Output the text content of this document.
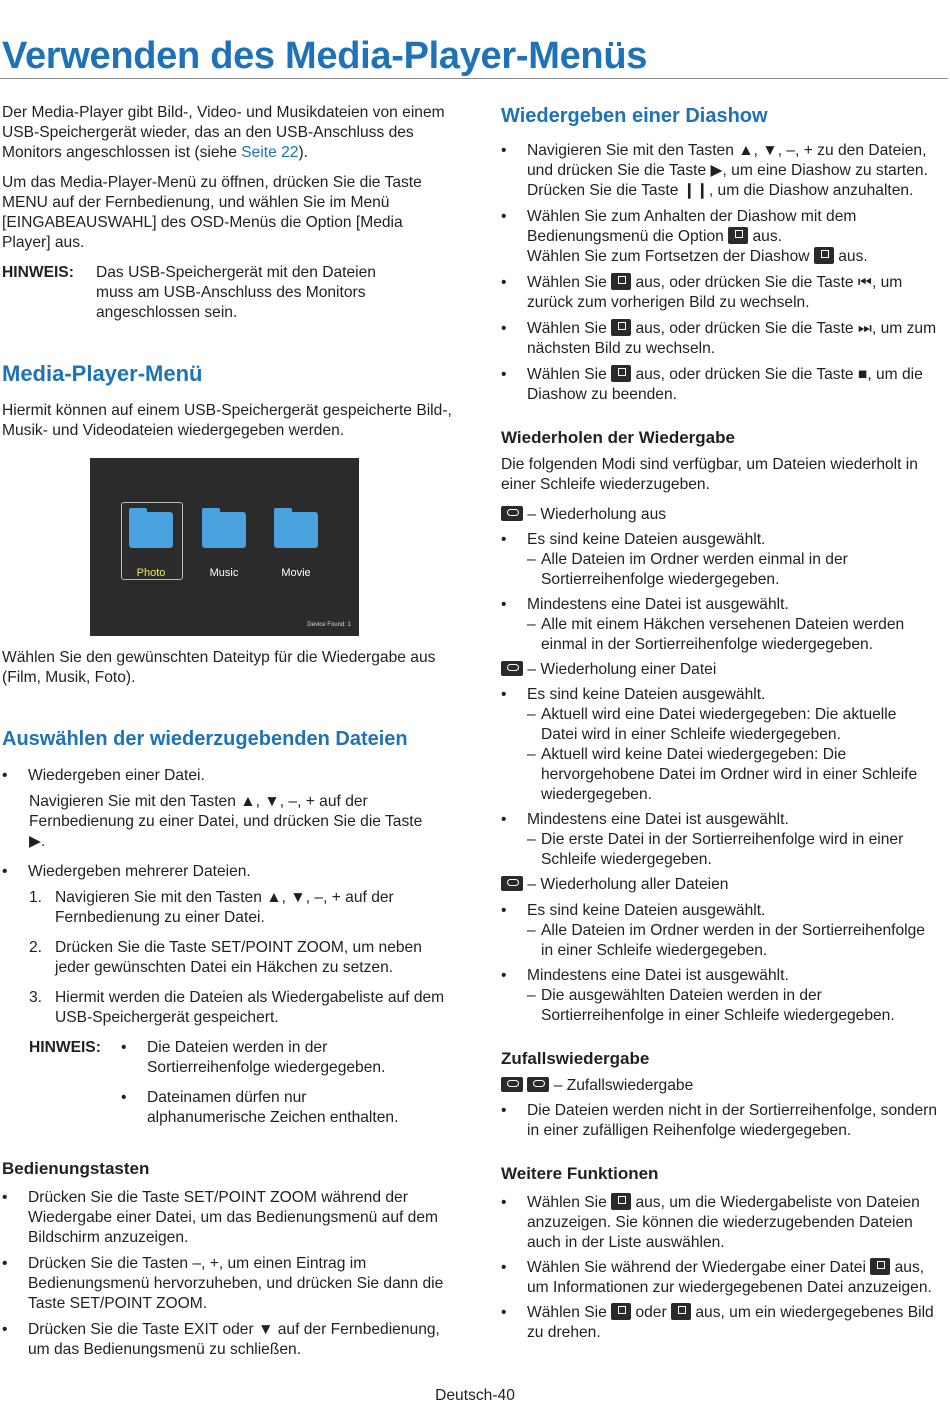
Verwenden des Media-Player-Menüs

Der Media-Player gibt Bild-, Video- und Musikdateien von einem USB-Speichergerät wieder, das an den USB-Anschluss des Monitors angeschlossen ist (siehe Seite 22).

Um das Media-Player-Menü zu öffnen, drücken Sie die Taste MENU auf der Fernbedienung, und wählen Sie im Menü [EINGABEAUSWAHL] des OSD-Menüs die Option [Media Player] aus.

HINWEIS:	Das USB-Speichergerät mit den Dateien muss am USB-Anschluss des Monitors angeschlossen sein.

Media-Player-Menü

Hiermit können auf einem USB-Speichergerät gespeicherte Bild-, Musik- und Videodateien wiedergegeben werden.

Photo	Music	Movie
Device Found: 1

Wählen Sie den gewünschten Dateityp für die Wiedergabe aus (Film, Musik, Foto).

Auswählen der wiederzugebenden Dateien

• Wiedergeben einer Datei.

Navigieren Sie mit den Tasten ▲, ▼, –, + auf der Fernbedienung zu einer Datei, und drücken Sie die Taste ▶.

• Wiedergeben mehrerer Dateien.

1. Navigieren Sie mit den Tasten ▲, ▼, –, + auf der Fernbedienung zu einer Datei.

2. Drücken Sie die Taste SET/POINT ZOOM, um neben jeder gewünschten Datei ein Häkchen zu setzen.

3. Hiermit werden die Dateien als Wiedergabeliste auf dem USB-Speichergerät gespeichert.

HINWEIS:

•	Die Dateien werden in der Sortierreihenfolge wiedergegeben.

• Dateinamen dürfen nur alphanumerische Zeichen enthalten.

Bedienungstasten

• Drücken Sie die Taste SET/POINT ZOOM während der Wiedergabe einer Datei, um das Bedienungsmenü auf dem Bildschirm anzuzeigen.

• Drücken Sie die Tasten –, +, um einen Eintrag im Bedienungsmenü hervorzuheben, und drücken Sie dann die Taste SET/POINT ZOOM.

• Drücken Sie die Taste EXIT oder ▼ auf der Fernbedienung, um das Bedienungsmenü zu schließen.

Wiedergeben einer Diashow

• Navigieren Sie mit den Tasten ▲, ▼, –, + zu den Dateien, und drücken Sie die Taste ▶, um eine Diashow zu starten.

Drücken Sie die Taste ❙❙, um die Diashow anzuhalten.

• Wählen Sie zum Anhalten der Diashow mit dem Bedienungsmenü die Option aus.

Wählen Sie zum Fortsetzen der Diashow aus.

• Wählen Sie aus, oder drücken Sie die Taste ⏮, um zurück zum vorherigen Bild zu wechseln.

• Wählen Sie aus, oder drücken Sie die Taste ⏭, um zum nächsten Bild zu wechseln.

• Wählen Sie aus, oder drücken Sie die Taste ■, um die Diashow zu beenden.

Wiederholen der Wiedergabe

Die folgenden Modi sind verfügbar, um Dateien wiederholt in einer Schleife wiederzugeben.

– Wiederholung aus

• Es sind keine Dateien ausgewählt.

– Alle Dateien im Ordner werden einmal in der Sortierreihenfolge wiedergegeben.

• Mindestens eine Datei ist ausgewählt.

– Alle mit einem Häkchen versehenen Dateien werden einmal in der Sortierreihenfolge wiedergegeben.

– Wiederholung einer Datei

• Es sind keine Dateien ausgewählt.

– Aktuell wird eine Datei wiedergegeben: Die aktuelle Datei wird in einer Schleife wiedergegeben.

– Aktuell wird keine Datei wiedergegeben: Die hervorgehobene Datei im Ordner wird in einer Schleife wiedergegeben.

• Mindestens eine Datei ist ausgewählt.

– Die erste Datei in der Sortierreihenfolge wird in einer Schleife wiedergegeben.

– Wiederholung aller Dateien

• Es sind keine Dateien ausgewählt.

– Alle Dateien im Ordner werden in der Sortierreihenfolge in einer Schleife wiedergegeben.

• Mindestens eine Datei ist ausgewählt.

– Die ausgewählten Dateien werden in der Sortierreihenfolge in einer Schleife wiedergegeben.

Zufallswiedergabe

– Zufallswiedergabe

• Die Dateien werden nicht in der Sortierreihenfolge, sondern in einer zufälligen Reihenfolge wiedergegeben.

Weitere Funktionen

• Wählen Sie aus, um die Wiedergabeliste von Dateien anzuzeigen. Sie können die wiederzugebenden Dateien auch in der Liste auswählen.

• Wählen Sie während der Wiedergabe einer Datei aus, um Informationen zur wiedergegebenen Datei anzuzeigen.

• Wählen Sie oder aus, um ein wiedergegebenes Bild zu drehen.

Deutsch-40
